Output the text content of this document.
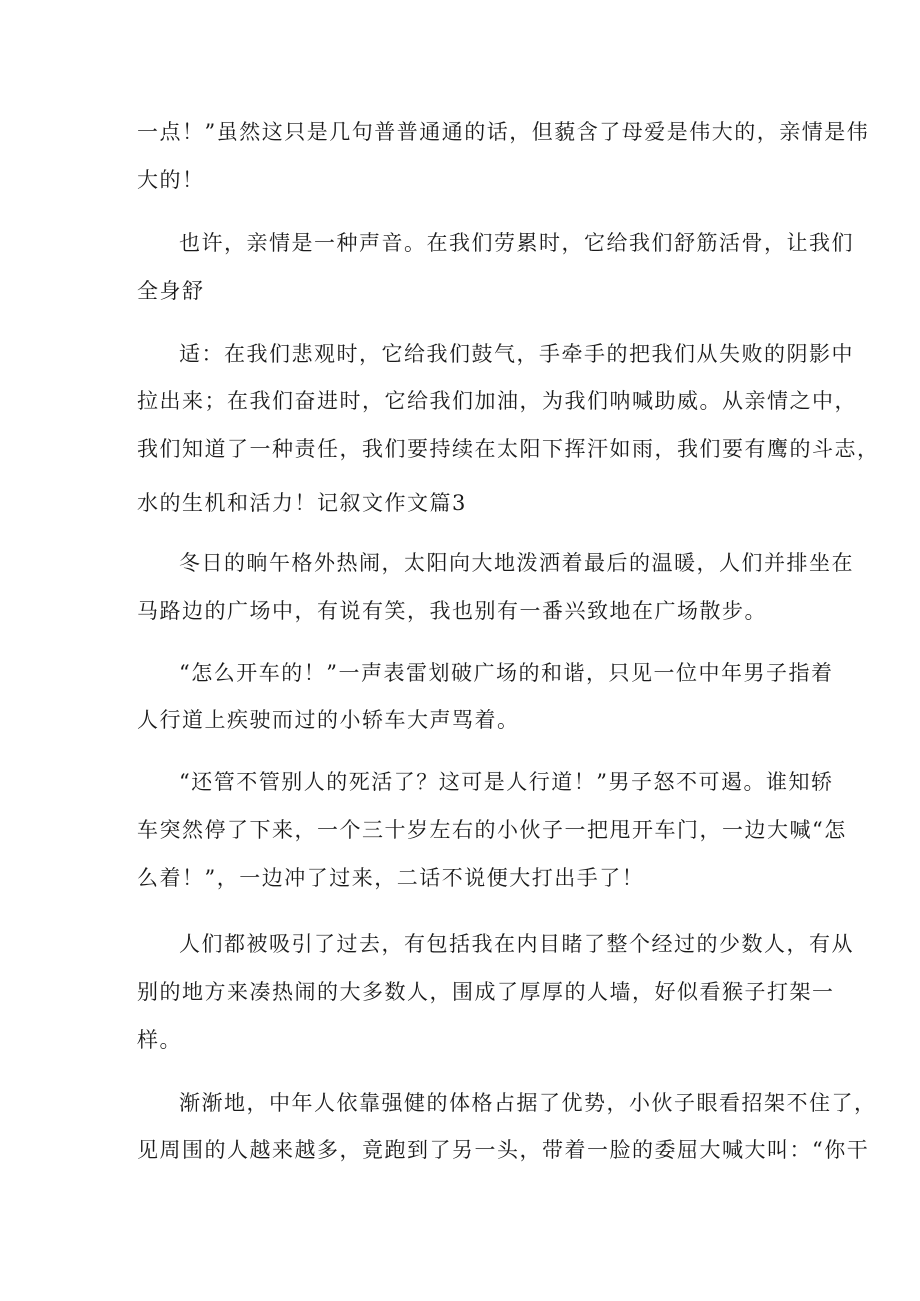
一点！”虽然这只是几句普普通通的话，但藐含了母爱是伟大的，亲情是伟
大的！
也许，亲情是一种声音。在我们劳累时，它给我们舒筋活骨，让我们
全身舒
适：在我们悲观时，它给我们鼓气，手牵手的把我们从失败的阴影中
拉出来；在我们奋进时，它给我们加油，为我们呐喊助威。从亲情之中，
我们知道了一种责任，我们要持续在太阳下挥汗如雨，我们要有鹰的斗志，
水的生机和活力！记叙文作文篇3
冬日的晌午格外热闹，太阳向大地泼洒着最后的温暖，人们并排坐在
马路边的广场中，有说有笑，我也别有一番兴致地在广场散步。
“怎么开车的！”一声表雷划破广场的和谐，只见一位中年男子指着
人行道上疾驶而过的小轿车大声骂着。
“还管不管别人的死活了？这可是人行道！”男子怒不可遏。谁知轿
车突然停了下来，一个三十岁左右的小伙子一把甩开车门，一边大喊“怎
么着！”，一边冲了过来，二话不说便大打出手了！
人们都被吸引了过去，有包括我在内目睹了整个经过的少数人，有从
别的地方来凑热闹的大多数人，围成了厚厚的人墙，好似看猴子打架一
样。
渐渐地，中年人依靠强健的体格占据了优势，小伙子眼看招架不住了，
见周围的人越来越多，竟跑到了另一头，带着一脸的委屈大喊大叫：“你干
